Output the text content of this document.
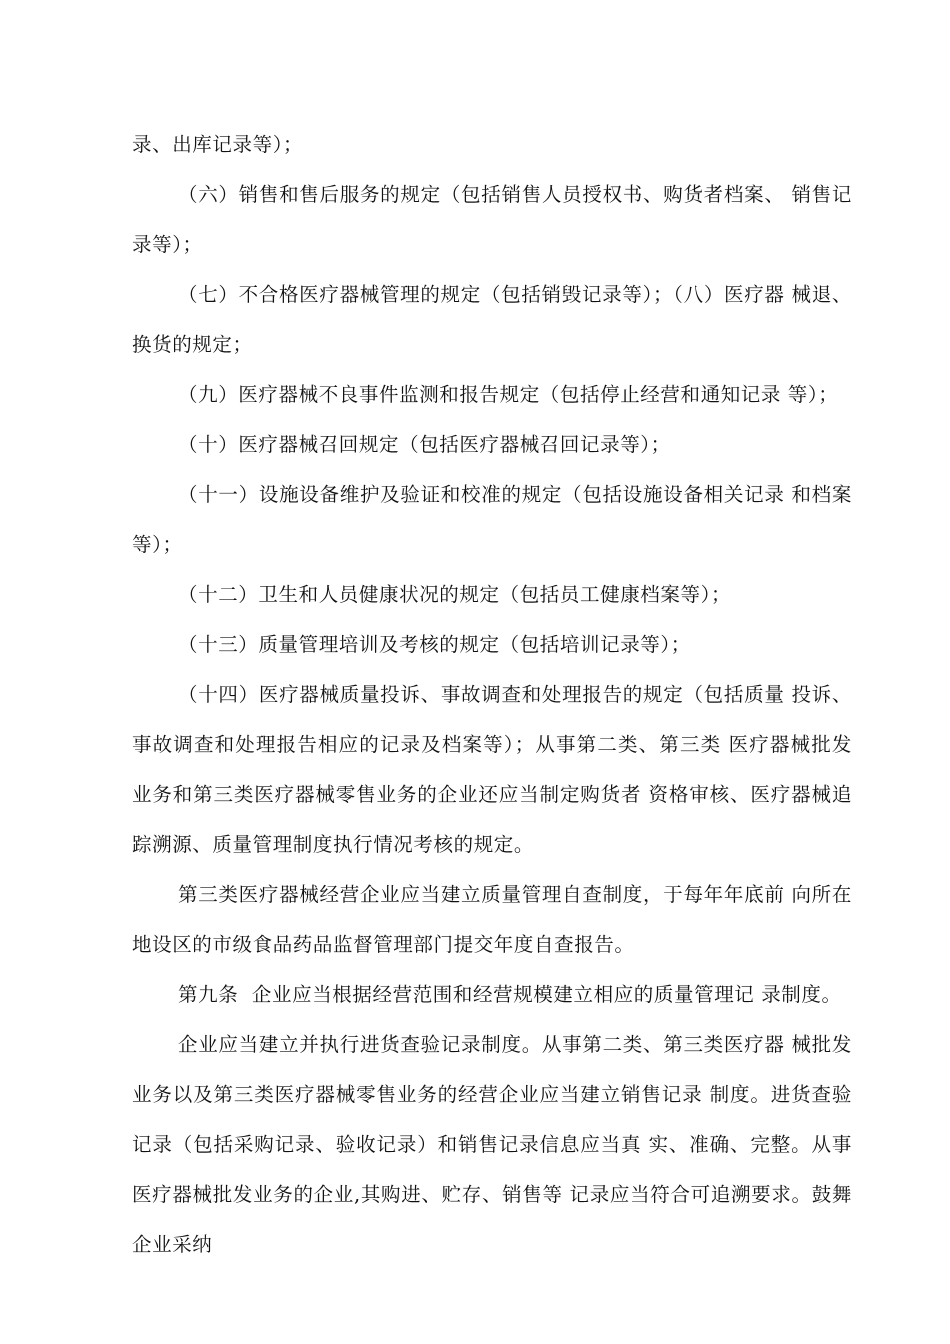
录、出库记录等）；

（六）销售和售后服务的规定（包括销售人员授权书、购货者档案、 销售记录等）；

（七）不合格医疗器械管理的规定（包括销毁记录等）；（八）医疗器 械退、换货的规定；

（九）医疗器械不良事件监测和报告规定（包括停止经营和通知记录 等）；

（十）医疗器械召回规定（包括医疗器械召回记录等）；

（十一）设施设备维护及验证和校准的规定（包括设施设备相关记录 和档案等）；

（十二）卫生和人员健康状况的规定（包括员工健康档案等）；

（十三）质量管理培训及考核的规定（包括培训记录等）；

（十四）医疗器械质量投诉、事故调查和处理报告的规定（包括质量 投诉、事故调查和处理报告相应的记录及档案等）；从事第二类、第三类 医疗器械批发业务和第三类医疗器械零售业务的企业还应当制定购货者 资格审核、医疗器械追踪溯源、质量管理制度执行情况考核的规定。

第三类医疗器械经营企业应当建立质量管理自查制度，于每年年底前 向所在地设区的市级食品药品监督管理部门提交年度自查报告。

第九条  企业应当根据经营范围和经营规模建立相应的质量管理记 录制度。

企业应当建立并执行进货查验记录制度。从事第二类、第三类医疗器 械批发业务以及第三类医疗器械零售业务的经营企业应当建立销售记录 制度。进货查验记录（包括采购记录、验收记录）和销售记录信息应当真 实、准确、完整。从事医疗器械批发业务的企业,其购进、贮存、销售等 记录应当符合可追溯要求。鼓舞企业采纳
